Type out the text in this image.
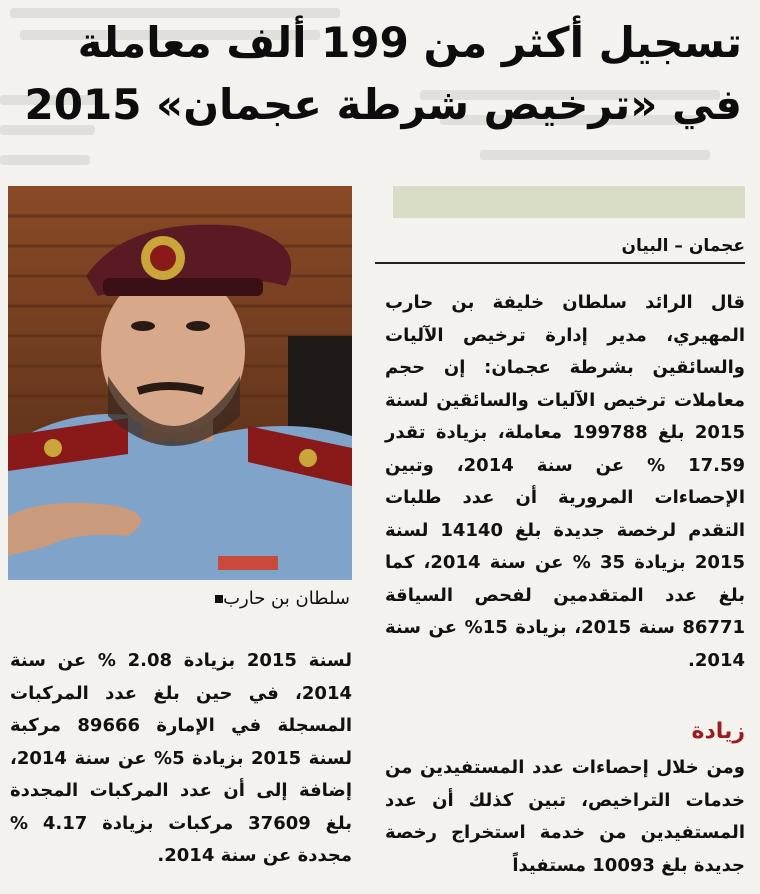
تسجيل أكثر من 199 ألف معاملة
في «ترخيص شرطة عجمان» 2015
عجمان – البيان
سلطان بن حارب

قال الرائد سلطان خليفة بن حارب المهيري، مدير إدارة ترخيص الآليات والسائقين بشرطة عجمان: إن حجم معاملات ترخيص الآليات والسائقين لسنة 2015 بلغ 199788 معاملة، بزيادة تقدر 17.59 % عن سنة 2014، وتبين الإحصاءات المرورية أن عدد طلبات التقدم لرخصة جديدة بلغ 14140 لسنة 2015 بزيادة 35 % عن سنة 2014، كما بلغ عدد المتقدمين لفحص السياقة 86771 سنة 2015، بزيادة 15% عن سنة 2014.

زيادة

ومن خلال إحصاءات عدد المستفيدين من خدمات التراخيص، تبين كذلك أن عدد المستفيدين من خدمة استخراج رخصة جديدة بلغ 10093 مستفيداً

لسنة 2015 بزيادة 2.08 % عن سنة 2014، في حين بلغ عدد المركبات المسجلة في الإمارة 89666 مركبة لسنة 2015 بزيادة 5% عن سنة 2014، إضافة إلى أن عدد المركبات المجددة بلغ 37609 مركبات بزيادة 4.17 % مجددة عن سنة 2014.
